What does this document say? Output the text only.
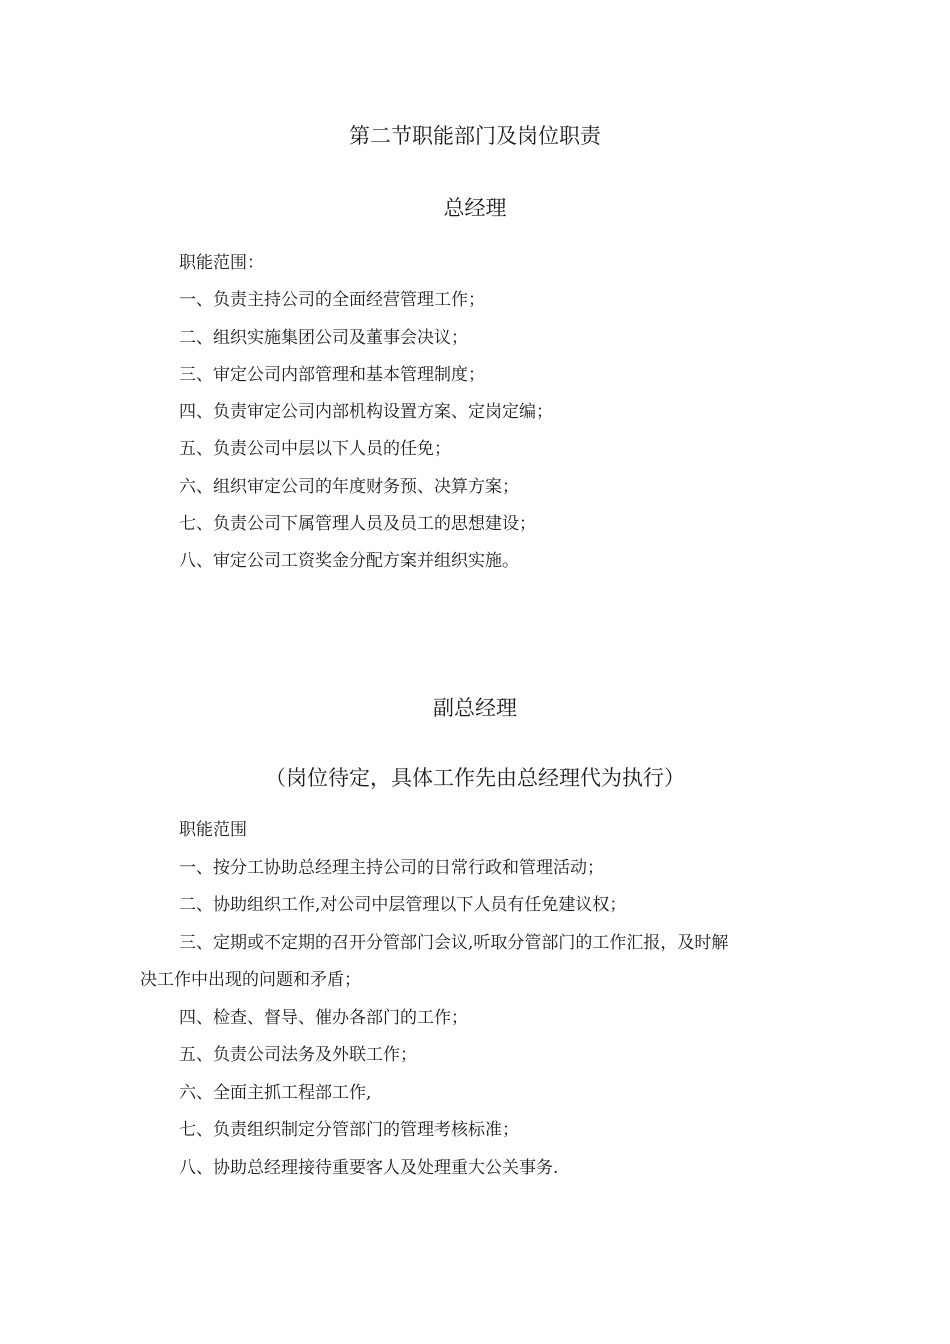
第二节职能部门及岗位职责
总经理
职能范围：
一、负责主持公司的全面经营管理工作；
二、组织实施集团公司及董事会决议；
三、审定公司内部管理和基本管理制度；
四、负责审定公司内部机构设置方案、定岗定编；
五、负责公司中层以下人员的任免；
六、组织审定公司的年度财务预、决算方案；
七、负责公司下属管理人员及员工的思想建设；
八、审定公司工资奖金分配方案并组织实施。
副总经理
（岗位待定，具体工作先由总经理代为执行）
职能范围
一、按分工协助总经理主持公司的日常行政和管理活动；
二、协助组织工作,对公司中层管理以下人员有任免建议权；
三、定期或不定期的召开分管部门会议,听取分管部门的工作汇报，及时解
决工作中出现的问题和矛盾；
四、检查、督导、催办各部门的工作；
五、负责公司法务及外联工作；
六、全面主抓工程部工作,
七、负责组织制定分管部门的管理考核标准；
八、协助总经理接待重要客人及处理重大公关事务.
